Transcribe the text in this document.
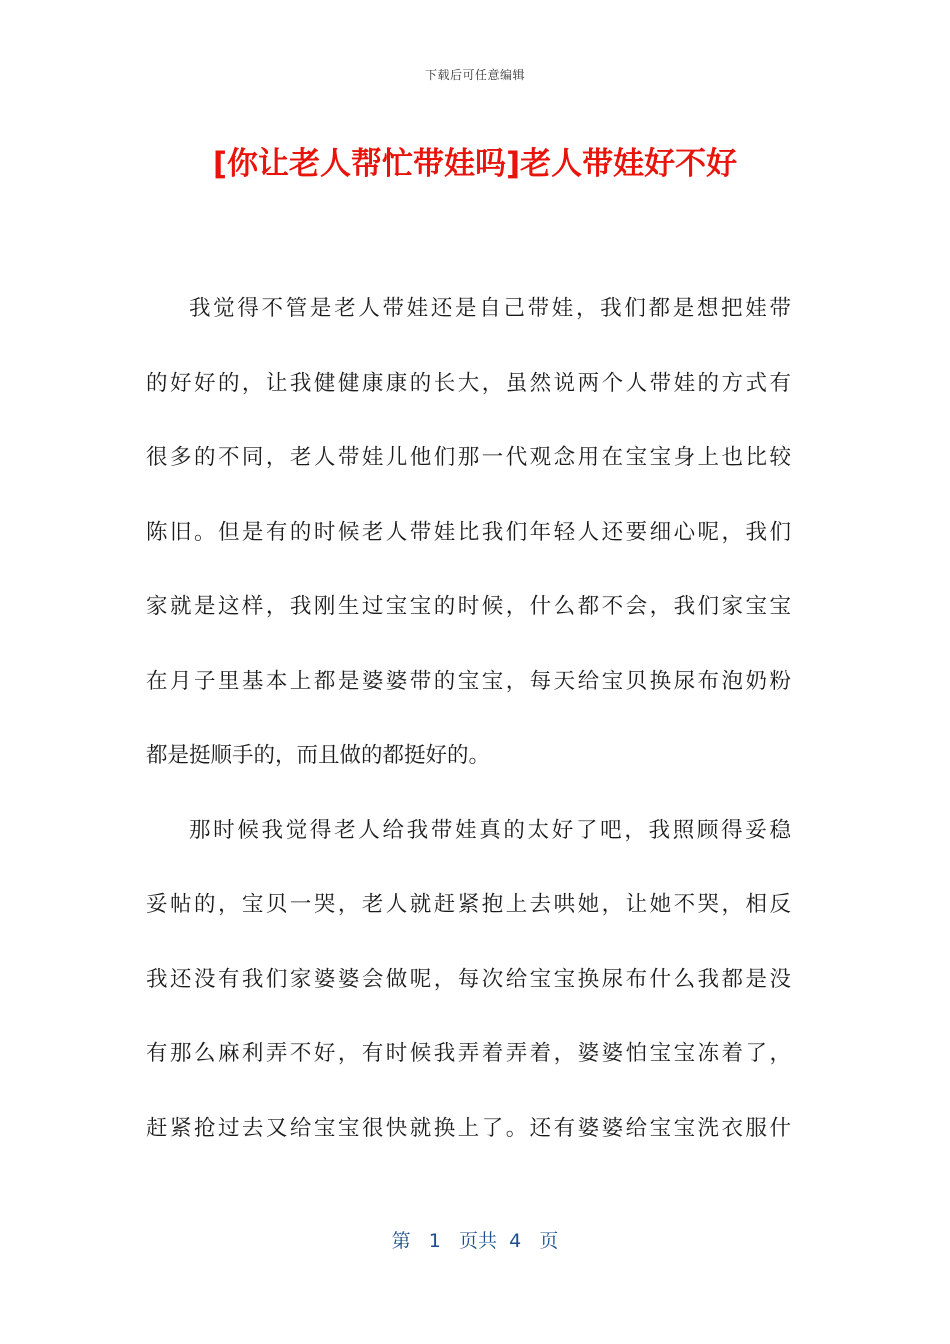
下载后可任意编辑
[你让老人帮忙带娃吗]老人带娃好不好
我觉得不管是老人带娃还是自己带娃，我们都是想把娃带
的好好的，让我健健康康的长大，虽然说两个人带娃的方式有
很多的不同，老人带娃儿他们那一代观念用在宝宝身上也比较
陈旧。但是有的时候老人带娃比我们年轻人还要细心呢，我们
家就是这样，我刚生过宝宝的时候，什么都不会，我们家宝宝
在月子里基本上都是婆婆带的宝宝，每天给宝贝换尿布泡奶粉
都是挺顺手的，而且做的都挺好的。
那时候我觉得老人给我带娃真的太好了吧，我照顾得妥稳
妥帖的，宝贝一哭，老人就赶紧抱上去哄她，让她不哭，相反
我还没有我们家婆婆会做呢，每次给宝宝换尿布什么我都是没
有那么麻利弄不好，有时候我弄着弄着，婆婆怕宝宝冻着了，
赶紧抢过去又给宝宝很快就换上了。还有婆婆给宝宝洗衣服什
第 1 页共 4 页
